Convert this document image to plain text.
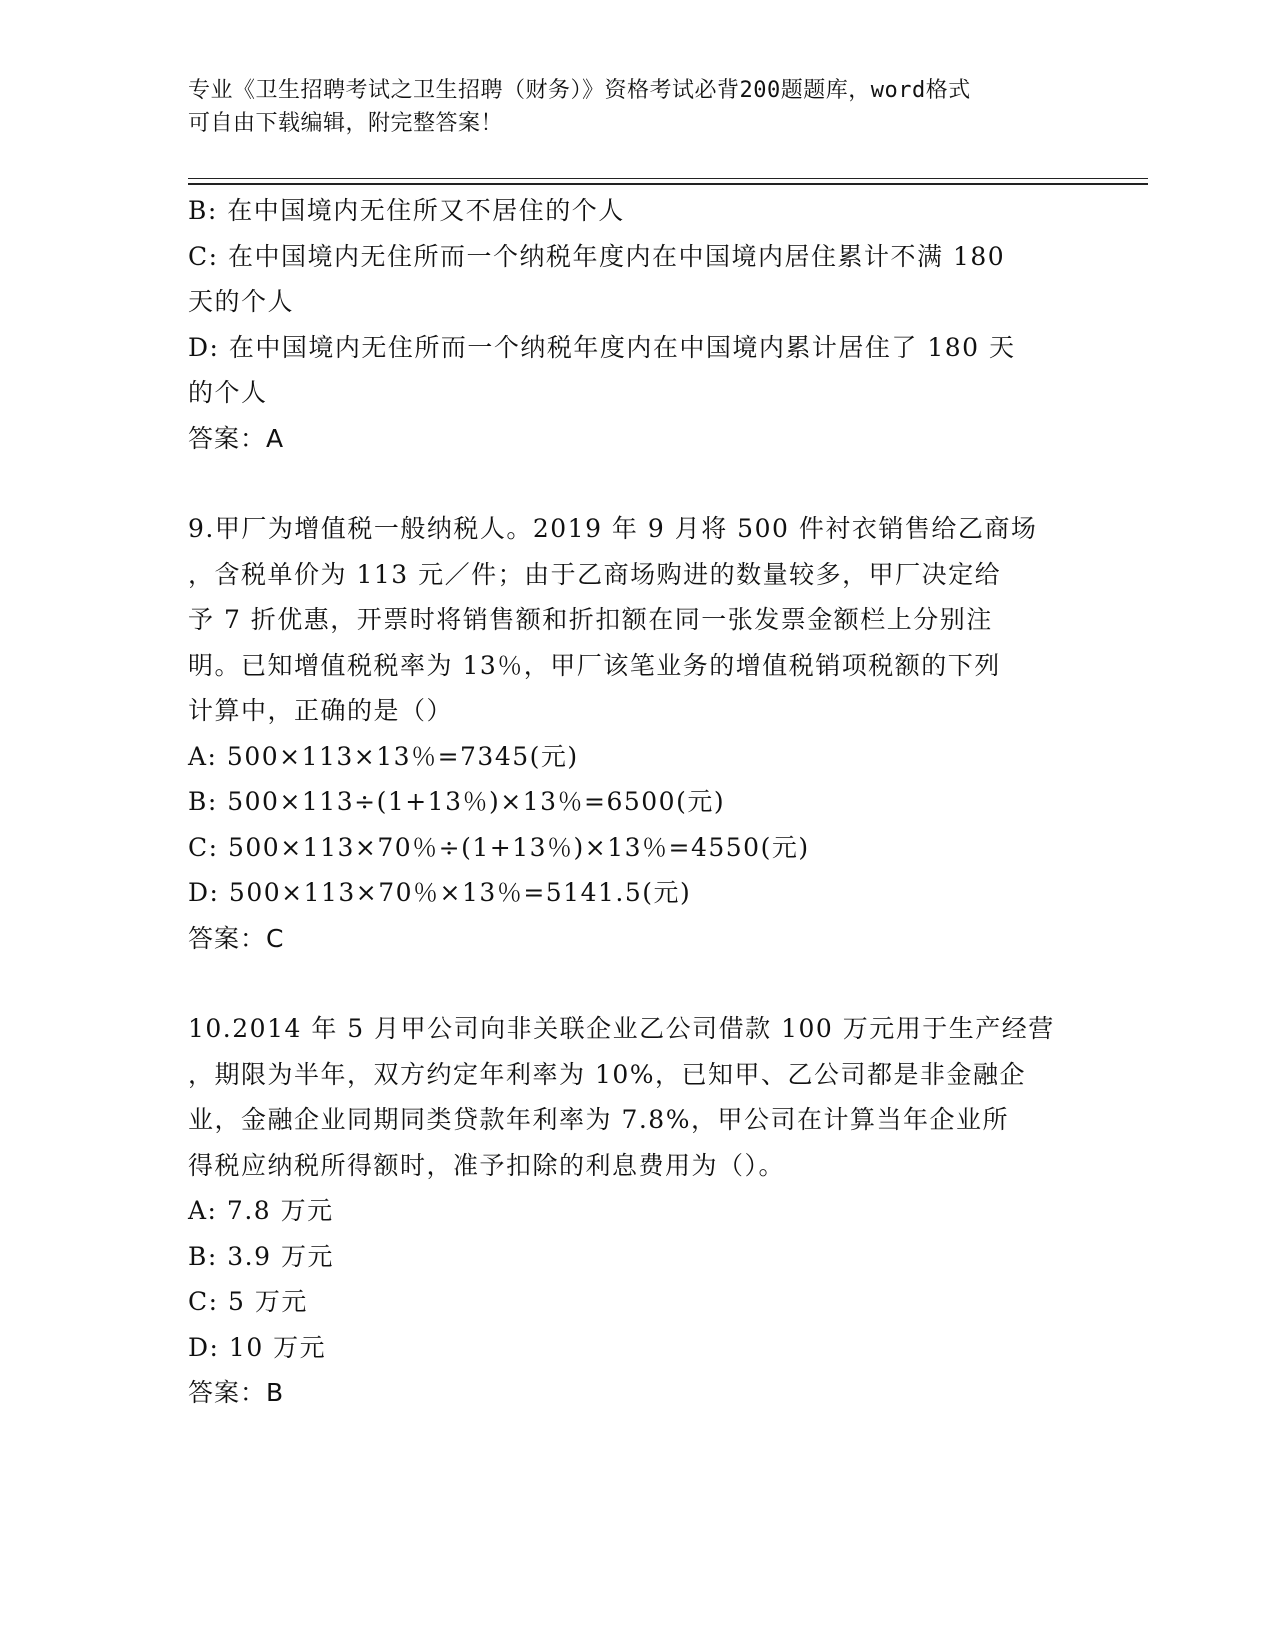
专业《卫生招聘考试之卫生招聘（财务）》资格考试必背200题题库，word格式
可自由下载编辑，附完整答案！
B: 在中国境内无住所又不居住的个人
C: 在中国境内无住所而一个纳税年度内在中国境内居住累计不满 180
天的个人
D: 在中国境内无住所而一个纳税年度内在中国境内累计居住了 180 天
的个人
答案：A
9.甲厂为增值税一般纳税人。2019 年 9 月将 500 件衬衣销售给乙商场
，含税单价为 113 元／件；由于乙商场购进的数量较多，甲厂决定给
予 7 折优惠，开票时将销售额和折扣额在同一张发票金额栏上分别注
明。已知增值税税率为 13％，甲厂该笔业务的增值税销项税额的下列
计算中，正确的是（）
A: 500×113×13％=7345(元)
B: 500×113÷(1+13％)×13％=6500(元)
C: 500×113×70％÷(1+13％)×13％=4550(元)
D: 500×113×70％×13％=5141.5(元)
答案：C
10.2014 年 5 月甲公司向非关联企业乙公司借款 100 万元用于生产经营
，期限为半年，双方约定年利率为 10%，已知甲、乙公司都是非金融企
业，金融企业同期同类贷款年利率为 7.8%，甲公司在计算当年企业所
得税应纳税所得额时，准予扣除的利息费用为（）。
A: 7.8 万元
B: 3.9 万元
C: 5 万元
D: 10 万元
答案：B
